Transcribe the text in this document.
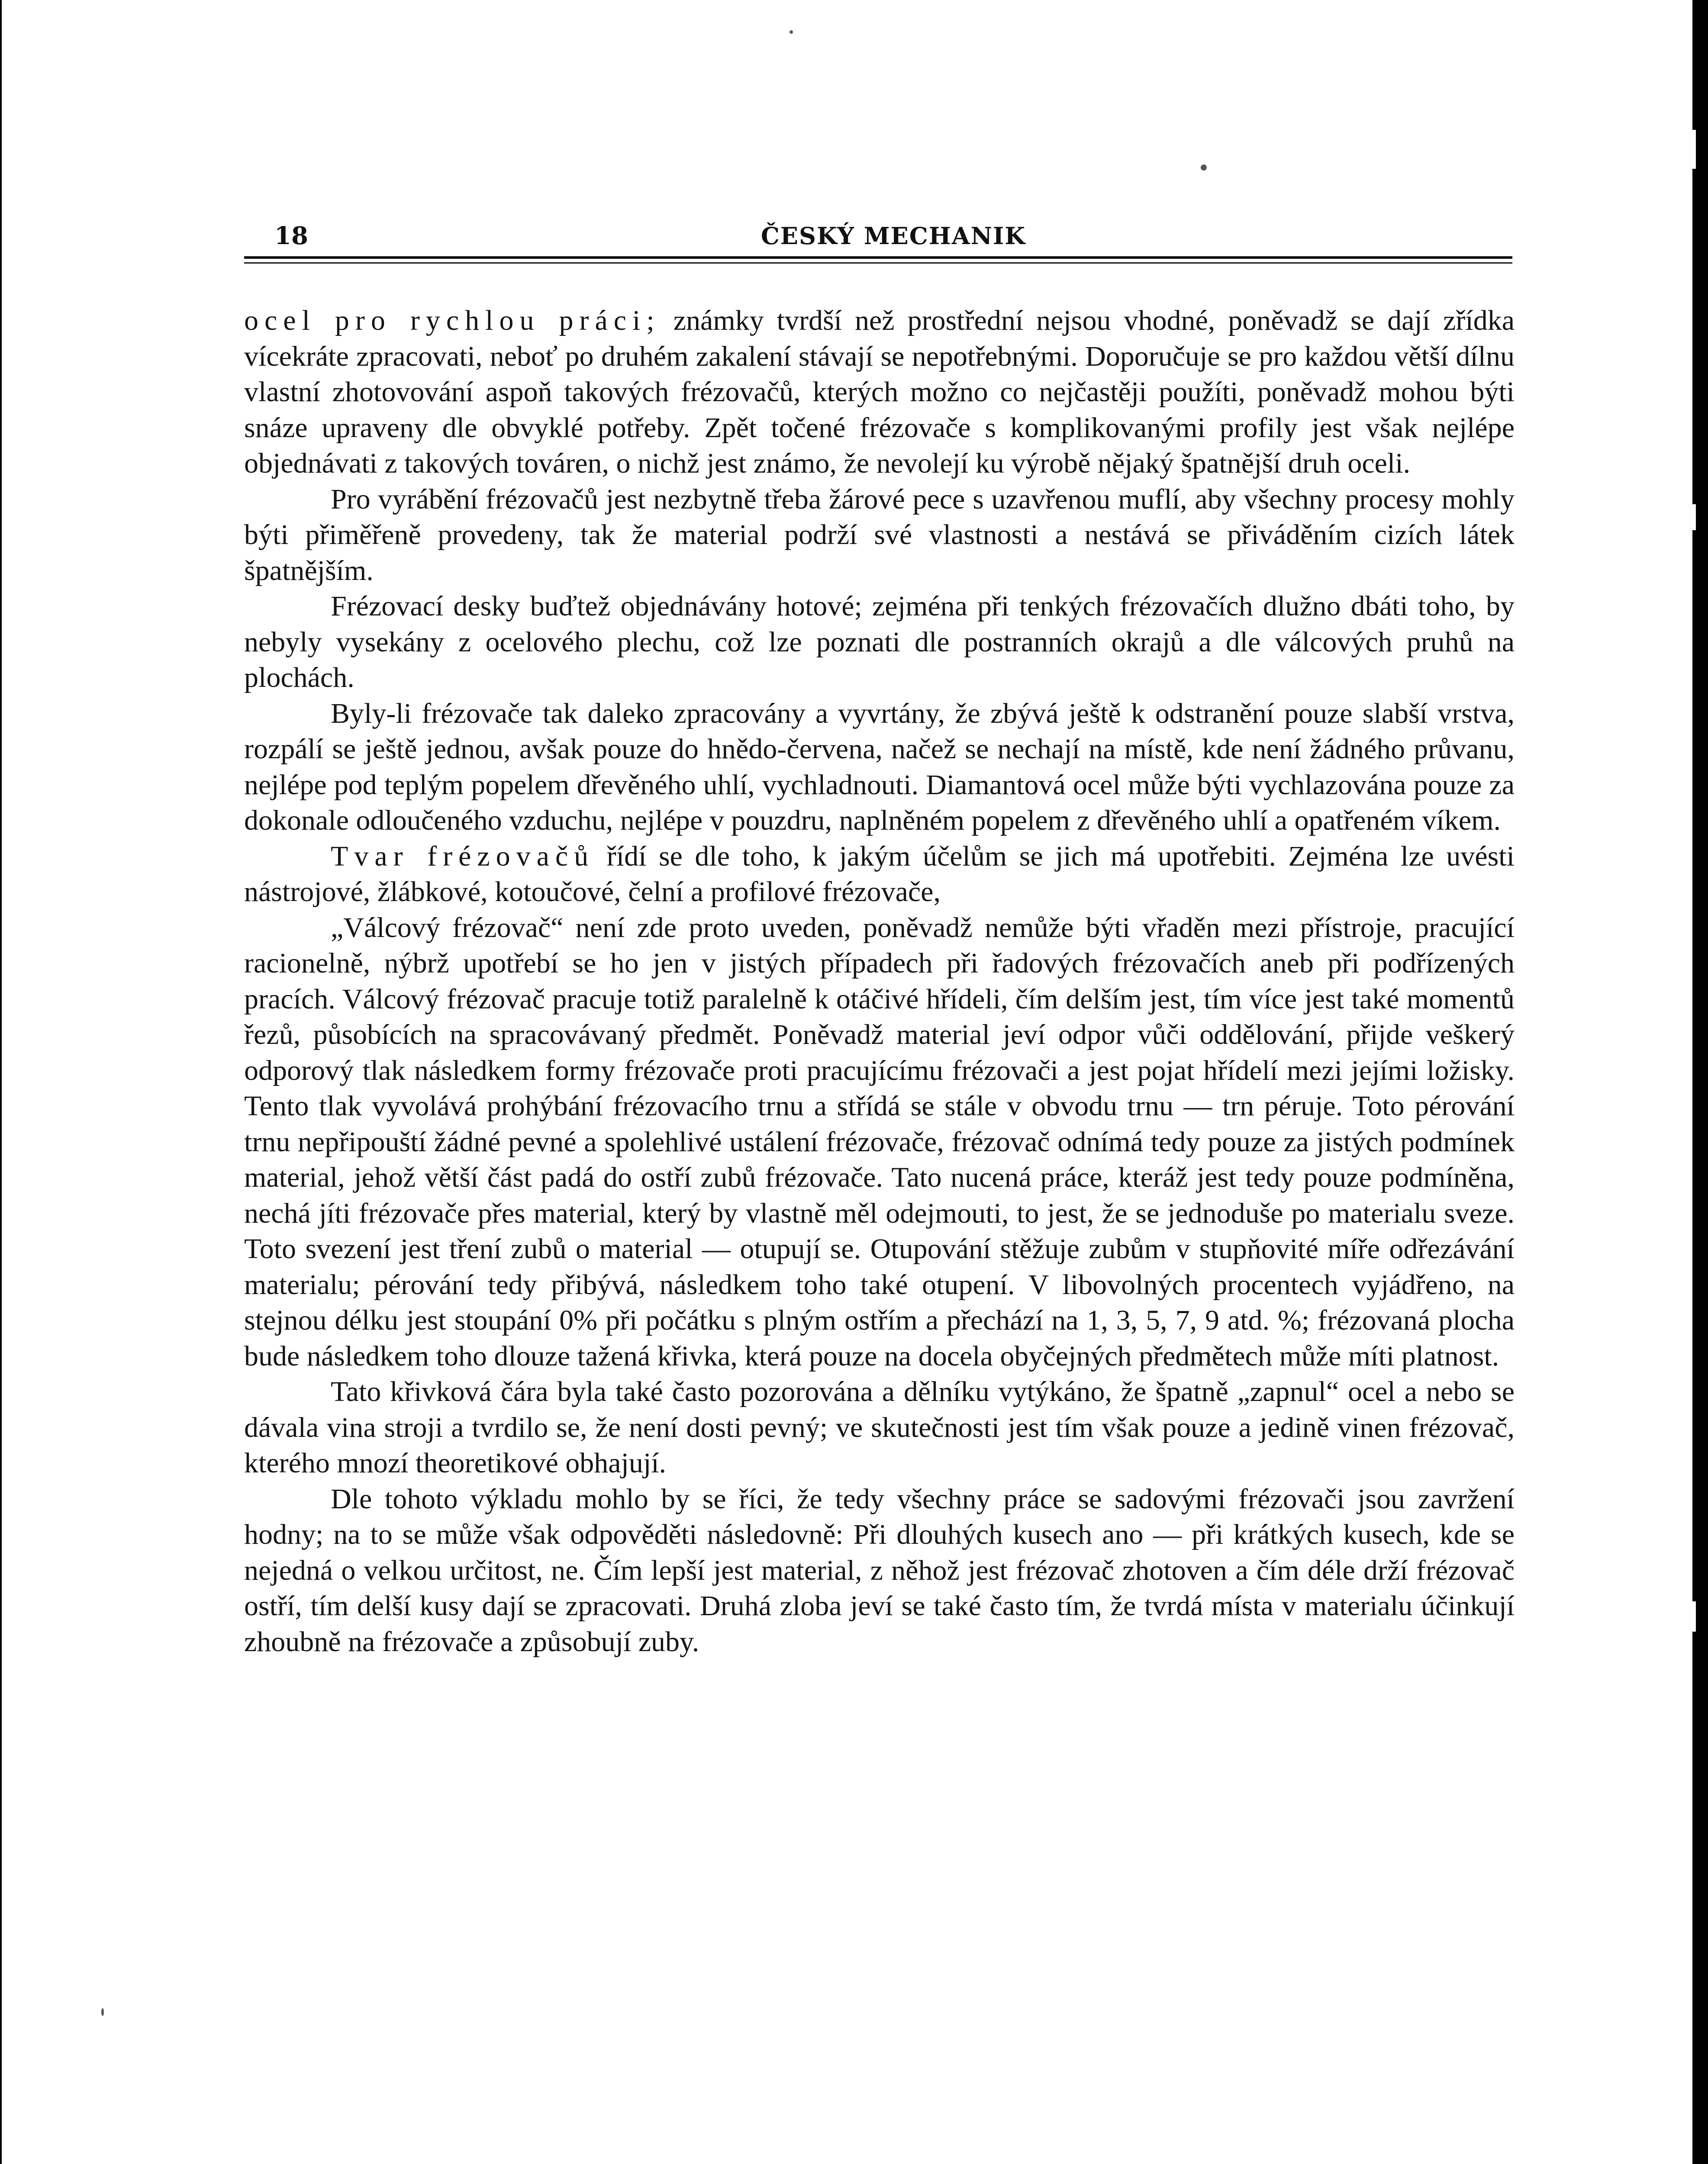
18	ČESKÝ MECHANIK

ocel pro rychlou práci; známky tvrdší než prostřední nejsou vhodné, poněvadž se dají zřídka vícekráte zpracovati, neboť po druhém zakalení stávají se nepotřebnými. Doporučuje se pro každou větší dílnu vlastní zhotovování aspoň takových frézovačů, kterých možno co nejčastěji použíti, poněvadž mohou býti snáze upraveny dle obvyklé potřeby. Zpět točené frézovače s komplikovanými profily jest však nejlépe objednávati z takových továren, o nichž jest známo, že nevolejí ku výrobě nějaký špatnější druh oceli.

Pro vyrábění frézovačů jest nezbytně třeba žárové pece s uzavřenou muflí, aby všechny procesy mohly býti přiměřeně provedeny, tak že material podrží své vlastnosti a nestává se přiváděním cizích látek špatnějším.

Frézovací desky buďtež objednávány hotové; zejména při tenkých frézovačích dlužno dbáti toho, by nebyly vysekány z ocelového plechu, což lze poznati dle postranních okrajů a dle válcových pruhů na plochách.

Byly-li frézovače tak daleko zpracovány a vyvrtány, že zbývá ještě k odstranění pouze slabší vrstva, rozpálí se ještě jednou, avšak pouze do hnědo-červena, načež se nechají na místě, kde není žádného průvanu, nejlépe pod teplým popelem dřevěného uhlí, vychladnouti. Diamantová ocel může býti vychlazována pouze za dokonale odloučeného vzduchu, nejlépe v pouzdru, naplněném popelem z dřevěného uhlí a opatřeném víkem.

Tvar frézovačů řídí se dle toho, k jakým účelům se jich má upotřebiti. Zejména lze uvésti nástrojové, žlábkové, kotoučové, čelní a profilové frézovače,

„Válcový frézovač“ není zde proto uveden, poněvadž nemůže býti vřaděn mezi přístroje, pracující racionelně, nýbrž upotřebí se ho jen v jistých případech při řadových frézovačích aneb při podřízených pracích. Válcový frézovač pracuje totiž paralelně k otáčivé hřídeli, čím delším jest, tím více jest také momentů řezů, působících na spracovávaný předmět. Poněvadž material jeví odpor vůči oddělování, přijde veškerý odporový tlak následkem formy frézovače proti pracujícímu frézovači a jest pojat hřídelí mezi jejími ložisky. Tento tlak vyvolává prohýbání frézovacího trnu a střídá se stále v obvodu trnu — trn péruje. Toto pérování trnu nepřipouští žádné pevné a spolehlivé ustálení frézovače, frézovač odnímá tedy pouze za jistých podmínek material, jehož větší část padá do ostří zubů frézovače. Tato nucená práce, kteráž jest tedy pouze podmíněna, nechá jíti frézovače přes material, který by vlastně měl odejmouti, to jest, že se jednoduše po materialu sveze. Toto svezení jest tření zubů o material — otupují se. Otupování stěžuje zubům v stupňovité míře odřezávání materialu; pérování tedy přibývá, následkem toho také otupení. V libovolných procentech vyjádřeno, na stejnou délku jest stoupání 0% při počátku s plným ostřím a přechází na 1, 3, 5, 7, 9 atd. %; frézovaná plocha bude následkem toho dlouze tažená křivka, která pouze na docela obyčejných předmětech může míti platnost.

Tato křivková čára byla také často pozorována a dělníku vytýkáno, že špatně „zapnul“ ocel a nebo se dávala vina stroji a tvrdilo se, že není dosti pevný; ve skutečnosti jest tím však pouze a jedině vinen frézovač, kterého mnozí theoretikové obhajují.

Dle tohoto výkladu mohlo by se říci, že tedy všechny práce se sadovými frézovači jsou zavržení hodny; na to se může však odpověděti následovně: Při dlouhých kusech ano — při krátkých kusech, kde se nejedná o velkou určitost, ne. Čím lepší jest material, z něhož jest frézovač zhotoven a čím déle drží frézovač ostří, tím delší kusy dají se zpracovati. Druhá zloba jeví se také často tím, že tvrdá místa v materialu účinkují zhoubně na frézovače a způsobují zuby.
